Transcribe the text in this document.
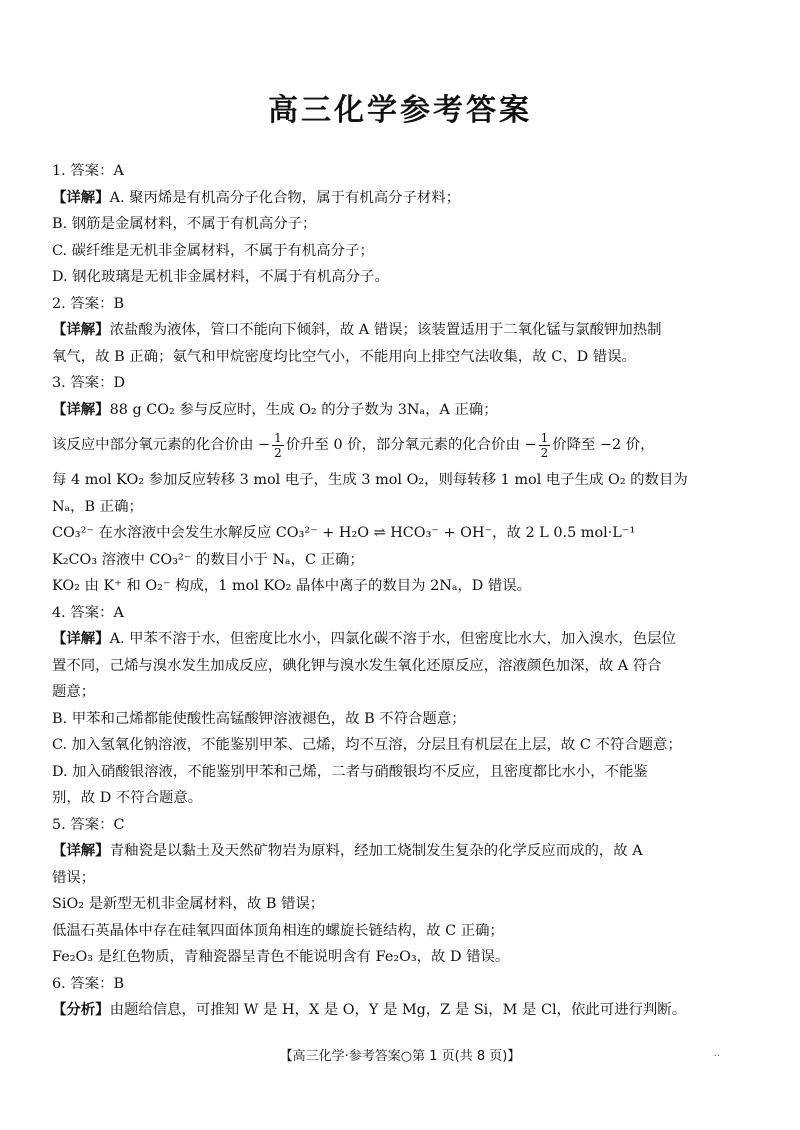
高三化学参考答案
1. 答案：A
【详解】A. 聚丙烯是有机高分子化合物，属于有机高分子材料；
B. 钢筋是金属材料，不属于有机高分子；
C. 碳纤维是无机非金属材料，不属于有机高分子；
D. 钢化玻璃是无机非金属材料，不属于有机高分子。
2. 答案：B
【详解】浓盐酸为液体，管口不能向下倾斜，故 A 错误；该装置适用于二氧化锰与氯酸钾加热制
氧气，故 B 正确；氨气和甲烷密度均比空气小，不能用向上排空气法收集，故 C、D 错误。
3. 答案：D
【详解】88 g CO₂ 参与反应时，生成 O₂ 的分子数为 3Nₐ，A 正确；
该反应中部分氧元素的化合价由 − $\frac{1}{2}$ 价升至 0 价，部分氧元素的化合价由 − $\frac{1}{2}$ 价降至 −2 价，
每 4 mol KO₂ 参加反应转移 3 mol 电子，生成 3 mol O₂，则每转移 1 mol 电子生成 O₂ 的数目为
Nₐ，B 正确；
CO₃²⁻ 在水溶液中会发生水解反应 CO₃²⁻ + H₂O ⇌ HCO₃⁻ + OH⁻，故 2 L 0.5 mol·L⁻¹
K₂CO₃ 溶液中 CO₃²⁻ 的数目小于 Nₐ，C 正确；
KO₂ 由 K⁺ 和 O₂⁻ 构成，1 mol KO₂ 晶体中离子的数目为 2Nₐ，D 错误。
4. 答案：A
【详解】A. 甲苯不溶于水，但密度比水小，四氯化碳不溶于水，但密度比水大，加入溴水，色层位
置不同，己烯与溴水发生加成反应，碘化钾与溴水发生氧化还原反应，溶液颜色加深，故 A 符合
题意；
B. 甲苯和己烯都能使酸性高锰酸钾溶液褪色，故 B 不符合题意；
C. 加入氢氧化钠溶液，不能鉴别甲苯、己烯，均不互溶，分层且有机层在上层，故 C 不符合题意；
D. 加入硝酸银溶液，不能鉴别甲苯和己烯，二者与硝酸银均不反应，且密度都比水小，不能鉴
别，故 D 不符合题意。
5. 答案：C
【详解】青釉瓷是以黏土及天然矿物岩为原料，经加工烧制发生复杂的化学反应而成的，故 A
错误；
SiO₂ 是新型无机非金属材料，故 B 错误；
低温石英晶体中存在硅氧四面体顶角相连的螺旋长链结构，故 C 正确；
Fe₂O₃ 是红色物质，青釉瓷器呈青色不能说明含有 Fe₂O₃，故 D 错误。
6. 答案：B
【分析】由题给信息，可推知 W 是 H，X 是 O，Y 是 Mg，Z 是 Si，M 是 Cl，依此可进行判断。
【高三化学·参考答案○第 1 页(共 8 页)】	..
